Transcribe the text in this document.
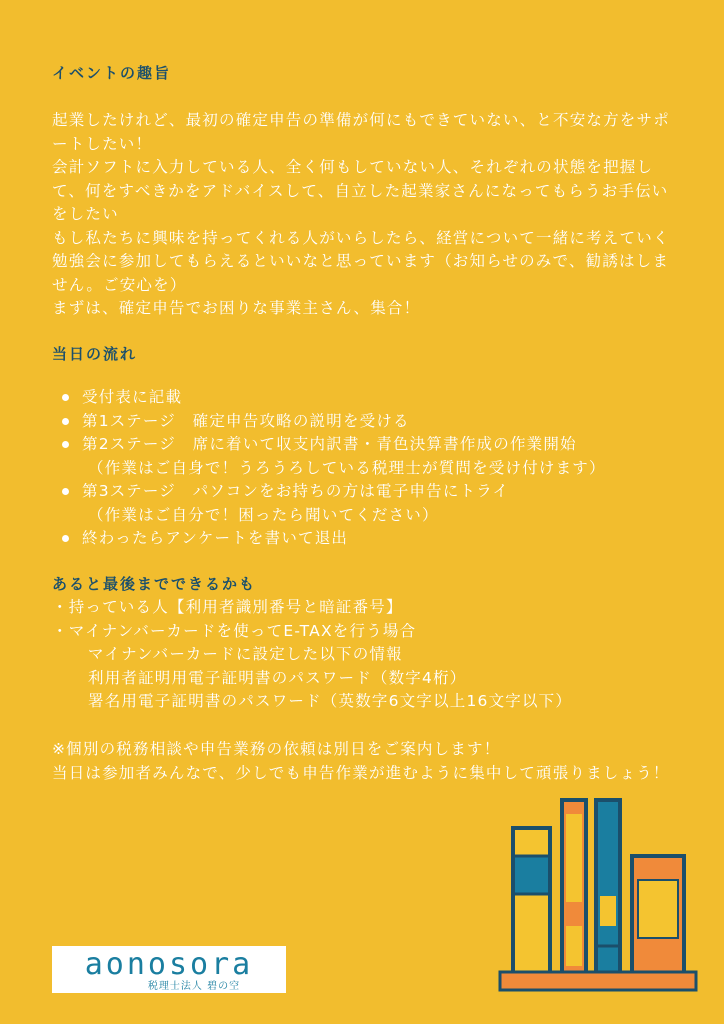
イベントの趣旨

起業したけれど、最初の確定申告の準備が何にもできていない、と不安な方をサポートしたい！

会計ソフトに入力している人、全く何もしていない人、それぞれの状態を把握して、何をすべきかをアドバイスして、自立した起業家さんになってもらうお手伝いをしたい

もし私たちに興味を持ってくれる人がいらしたら、経営について一緒に考えていく勉強会に参加してもらえるといいなと思っています（お知らせのみで、勧誘はしません。ご安心を）

まずは、確定申告でお困りな事業主さん、集合！

当日の流れ
受付表に記載
第1ステージ　確定申告攻略の説明を受ける
第2ステージ　席に着いて収支内訳書・青色決算書作成の作業開始
（作業はご自身で！うろうろしている税理士が質問を受け付けます）
第3ステージ　パソコンをお持ちの方は電子申告にトライ
（作業はご自分で！困ったら聞いてください）
終わったらアンケートを書いて退出
あると最後までできるかも
・持っている人【利用者識別番号と暗証番号】
・マイナンバーカードを使ってE-TAXを行う場合
マイナンバーカードに設定した以下の情報
利用者証明用電子証明書のパスワード（数字4桁）
署名用電子証明書のパスワード（英数字6文字以上16文字以下）

※個別の税務相談や申告業務の依頼は別日をご案内します！

当日は参加者みんなで、少しでも申告作業が進むように集中して頑張りましょう！

aonosora
税理士法人 碧の空
